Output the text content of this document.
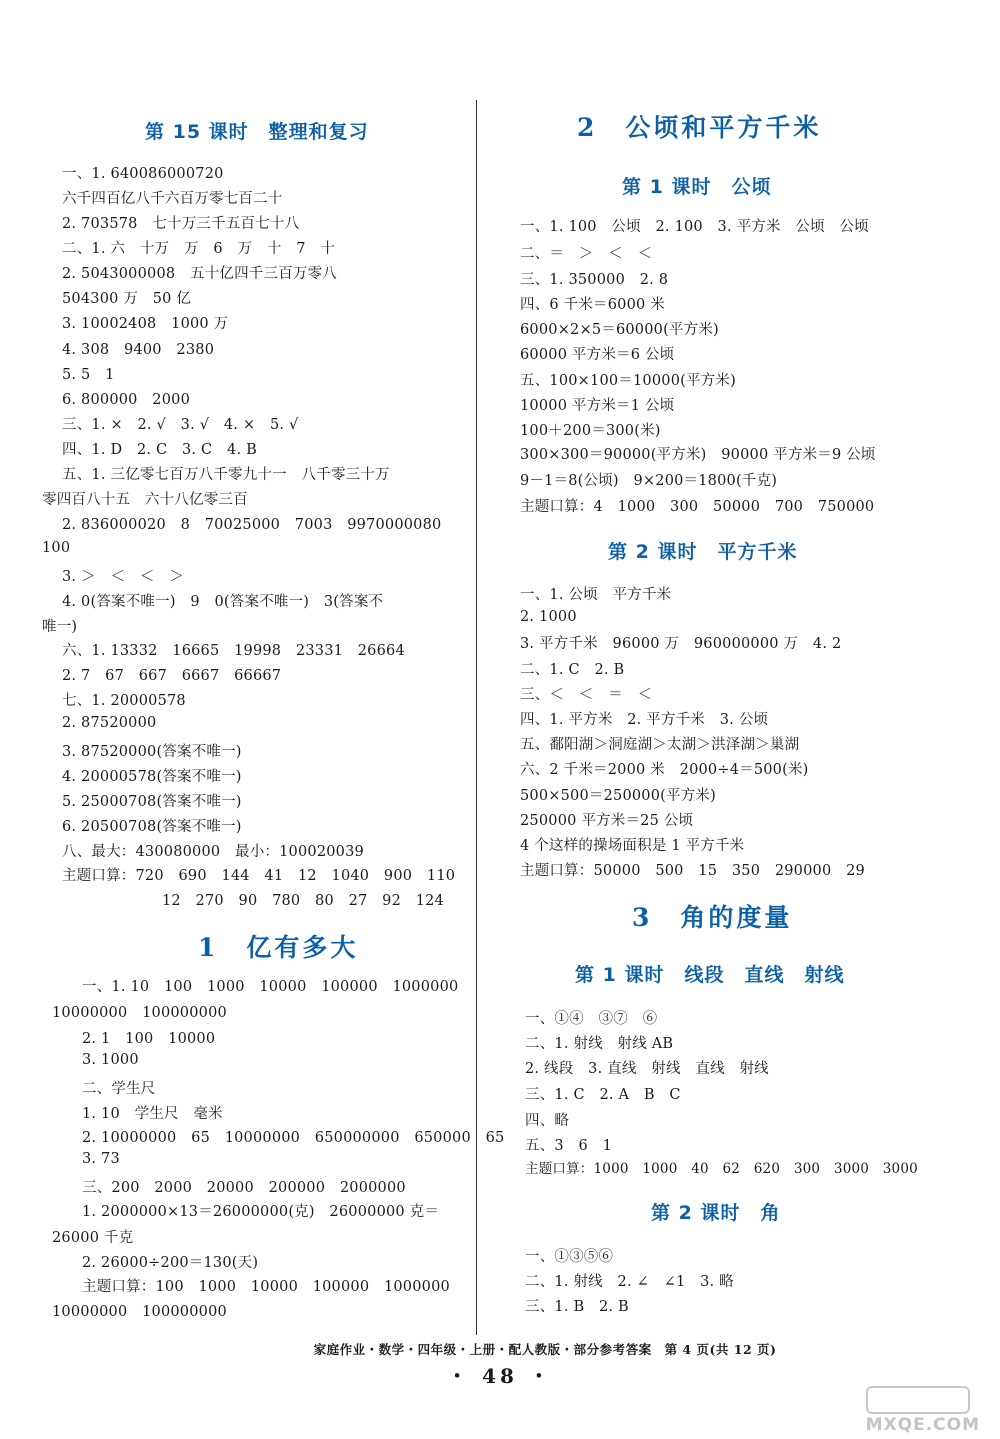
第 15 课时　整理和复习
一、1. 640086000720
六千四百亿八千六百万零七百二十
2. 703578　七十万三千五百七十八
二、1. 六　十万　万　6　万　十　7　十
2. 5043000008　五十亿四千三百万零八
504300 万　50 亿
3. 10002408　1000 万
4. 308　9400　2380
5. 5　1
6. 800000　2000
三、1. ×　2. √　3. √　4. ×　5. √
四、1. D　2. C　3. C　4. B
五、1. 三亿零七百万八千零九十一　八千零三十万
零四百八十五　六十八亿零三百
2. 836000020　8　70025000　7003　9970000080
100
3. ＞　＜　＜　＞
4. 0(答案不唯一)　9　0(答案不唯一)　3(答案不
唯一)
六、1. 13332　16665　19998　23331　26664
2. 7　67　667　6667　66667
七、1. 20000578
2. 87520000
3. 87520000(答案不唯一)
4. 20000578(答案不唯一)
5. 25000708(答案不唯一)
6. 20500708(答案不唯一)
八、最大：430080000　最小：100020039
主题口算：720　690　144　41　12　1040　900　110
12　270　90　780　80　27　92　124
1　亿有多大
一、1. 10　100　1000　10000　100000　1000000
10000000　100000000
2. 1　100　10000
3. 1000
二、学生尺
1. 10　学生尺　毫米
2. 10000000　65　10000000　650000000　650000　65
3. 73
三、200　2000　20000　200000　2000000
1. 2000000×13＝26000000(克)　26000000 克＝
26000 千克
2. 26000÷200＝130(天)
主题口算：100　1000　10000　100000　1000000
10000000　100000000
2　公顷和平方千米
第 1 课时　公顷
一、1. 100　公顷　2. 100　3. 平方米　公顷　公顷
二、＝　＞　＜　＜
三、1. 350000　2. 8
四、6 千米＝6000 米
6000×2×5＝60000(平方米)
60000 平方米＝6 公顷
五、100×100＝10000(平方米)
10000 平方米＝1 公顷
100＋200＝300(米)
300×300＝90000(平方米)　90000 平方米＝9 公顷
9－1＝8(公顷)　9×200＝1800(千克)
主题口算：4　1000　300　50000　700　750000
第 2 课时　平方千米
一、1. 公顷　平方千米
2. 1000
3. 平方千米　96000 万　960000000 万　4. 2
二、1. C　2. B
三、＜　＜　＝　＜
四、1. 平方米　2. 平方千米　3. 公顷
五、鄱阳湖＞洞庭湖＞太湖＞洪泽湖＞巢湖
六、2 千米＝2000 米　2000÷4＝500(米)
500×500＝250000(平方米)
250000 平方米＝25 公顷
4 个这样的操场面积是 1 平方千米
主题口算：50000　500　15　350　290000　29
3　角的度量
第 1 课时　线段　直线　射线
一、①④　③⑦　⑥
二、1. 射线　射线 AB
2. 线段　3. 直线　射线　直线　射线
三、1. C　2. A　B　C
四、略
五、3　6　1
主题口算：1000　1000　40　62　620　300　3000　3000
第 2 课时　角
一、①③⑤⑥
二、1. 射线　2. ∠　∠1　3. 略
三、1. B　2. B
家庭作业・数学・四年级・上册・配人教版・部分参考答案　第 4 页(共 12 页)
・ 48 ・
MXQE.COM
